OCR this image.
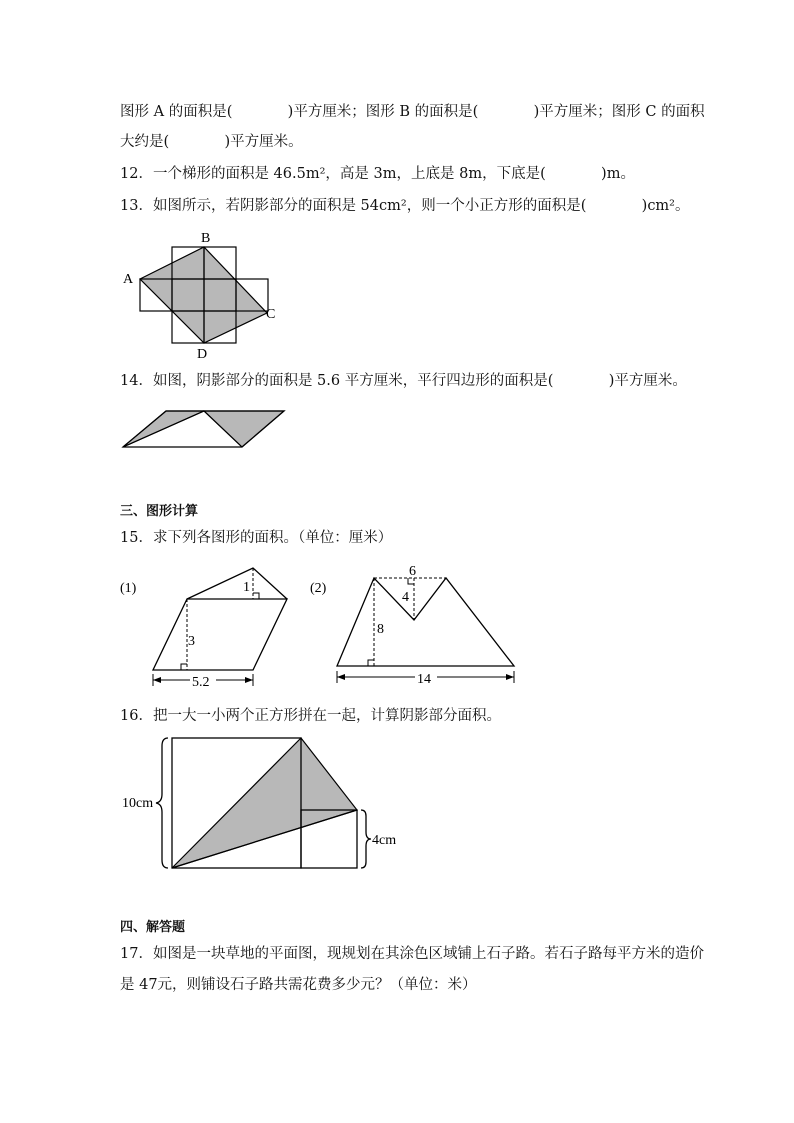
图形 A 的面积是(            )平方厘米；图形 B 的面积是(            )平方厘米；图形 C 的面积
大约是(            )平方厘米。
12．一个梯形的面积是 46.5m²，高是 3m，上底是 8m，下底是(            )m。
13．如图所示，若阴影部分的面积是 54cm²，则一个小正方形的面积是(            )cm²。
A
B
C
D
14．如图，阴影部分的面积是 5.6 平方厘米，平行四边形的面积是(            )平方厘米。
三、图形计算
15．求下列各图形的面积。（单位：厘米）
(1)	1
3
5.2
(2)
6
4
8
14
16．把一大一小两个正方形拼在一起，计算阴影部分面积。
10cm
4cm
四、解答题
17．如图是一块草地的平面图，现规划在其涂色区域铺上石子路。若石子路每平方米的造价
是 47元，则铺设石子路共需花费多少元？（单位：米）
